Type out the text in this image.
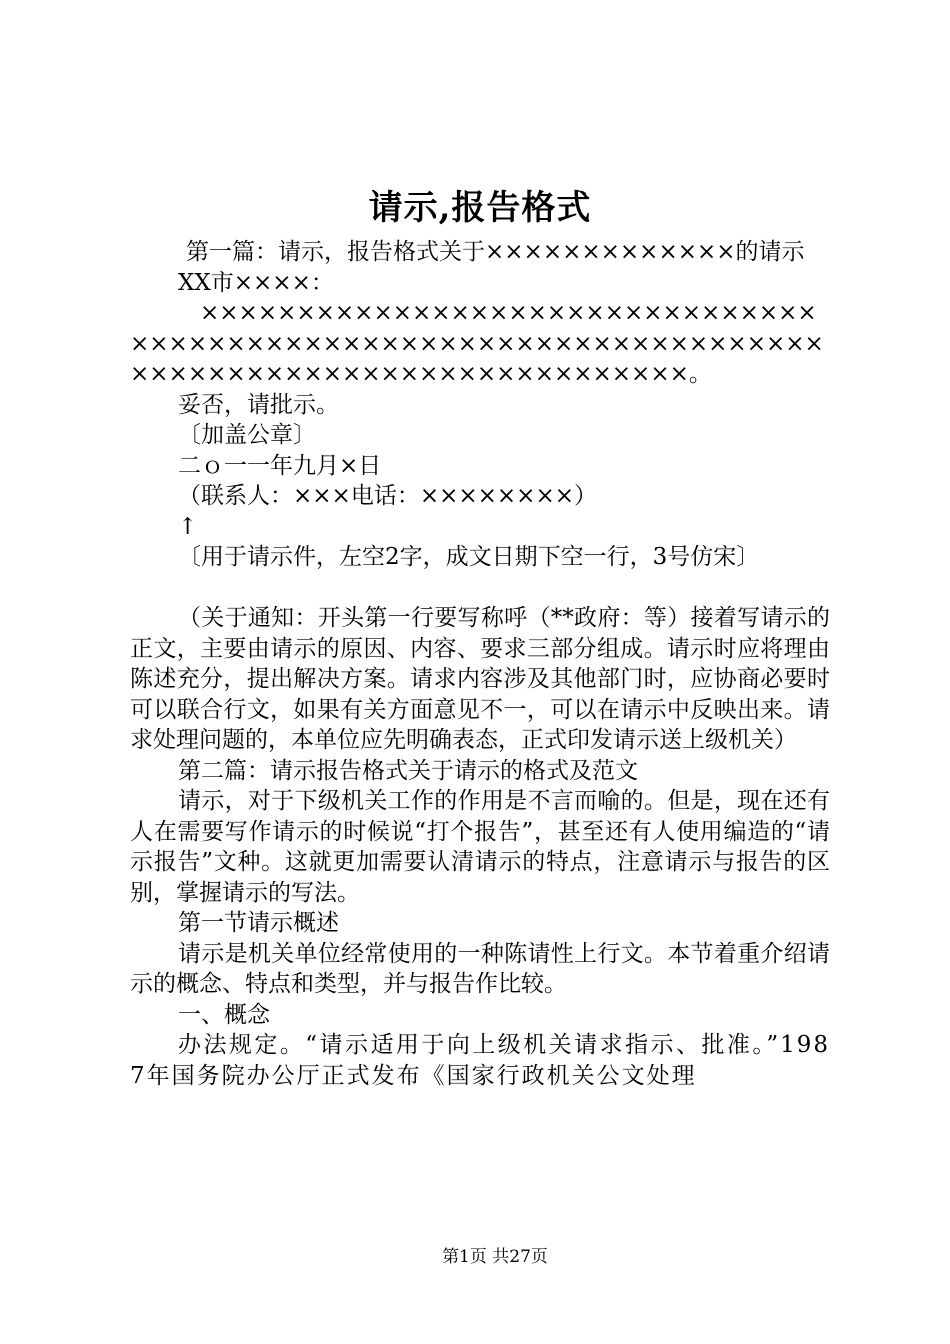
请示,报告格式

第一篇：请示，报告格式关于×××××××××××××的请示

XX市××××：

×××××××××××××××××××××××××××××××××××××××××××××××××××××××××××××××××××××××××××××××××××××××××××××××××。

妥否，请批示。

〔加盖公章〕

二ｏ一一年九月×日

（联系人：×××电话：××××××××）

↑

〔用于请示件，左空2字，成文日期下空一行，3号仿宋〕

（关于通知：开头第一行要写称呼（**政府：等）接着写请示的正文，主要由请示的原因、内容、要求三部分组成。请示时应将理由陈述充分，提出解决方案。请求内容涉及其他部门时，应协商必要时可以联合行文，如果有关方面意见不一，可以在请示中反映出来。请求处理问题的，本单位应先明确表态，正式印发请示送上级机关）

第二篇：请示报告格式关于请示的格式及范文

请示，对于下级机关工作的作用是不言而喻的。但是，现在还有人在需要写作请示的时候说“打个报告”，甚至还有人使用编造的“请示报告”文种。这就更加需要认清请示的特点，注意请示与报告的区别，掌握请示的写法。

第一节请示概述

请示是机关单位经常使用的一种陈请性上行文。本节着重介绍请示的概念、特点和类型，并与报告作比较。

一、概念

办法规定。“请示适用于向上级机关请求指示、批准。”1987年国务院办公厅正式发布《国家行政机关公文处理

第1页 共27页
